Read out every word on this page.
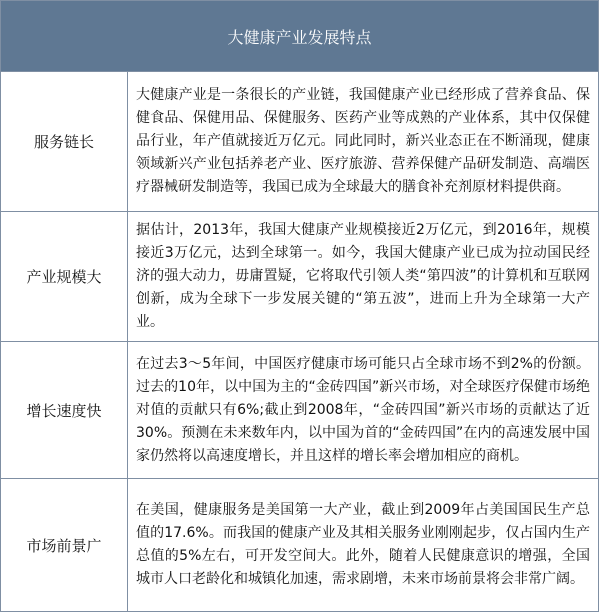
大健康产业发展特点
服务链长
大健康产业是一条很长的产业链，我国健康产业已经形成了营养食品、保健食品、保健用品、保健服务、医药产业等成熟的产业体系，其中仅保健品行业，年产值就接近万亿元。同此同时，新兴业态正在不断涌现，健康领域新兴产业包括养老产业、医疗旅游、营养保健产品研发制造、高端医疗器械研发制造等，我国已成为全球最大的膳食补充剂原材料提供商。
产业规模大
据估计，2013年，我国大健康产业规模接近2万亿元，到2016年，规模接近3万亿元，达到全球第一。如今，我国大健康产业已成为拉动国民经济的强大动力，毋庸置疑，它将取代引领人类“第四波”的计算机和互联网创新，成为全球下一步发展关键的“第五波”，进而上升为全球第一大产业。
增长速度快
在过去3～5年间，中国医疗健康市场可能只占全球市场不到2%的份额。过去的10年，以中国为主的“金砖四国”新兴市场，对全球医疗保健市场绝对值的贡献只有6%;截止到2008年，“金砖四国”新兴市场的贡献达了近30%。预测在未来数年内，以中国为首的“金砖四国”在内的高速发展中国家仍然将以高速度增长，并且这样的增长率会增加相应的商机。
市场前景广
在美国，健康服务是美国第一大产业，截止到2009年占美国国民生产总值的17.6%。而我国的健康产业及其相关服务业刚刚起步，仅占国内生产总值的5%左右，可开发空间大。此外，随着人民健康意识的增强，全国城市人口老龄化和城镇化加速，需求剧增，未来市场前景将会非常广阔。
